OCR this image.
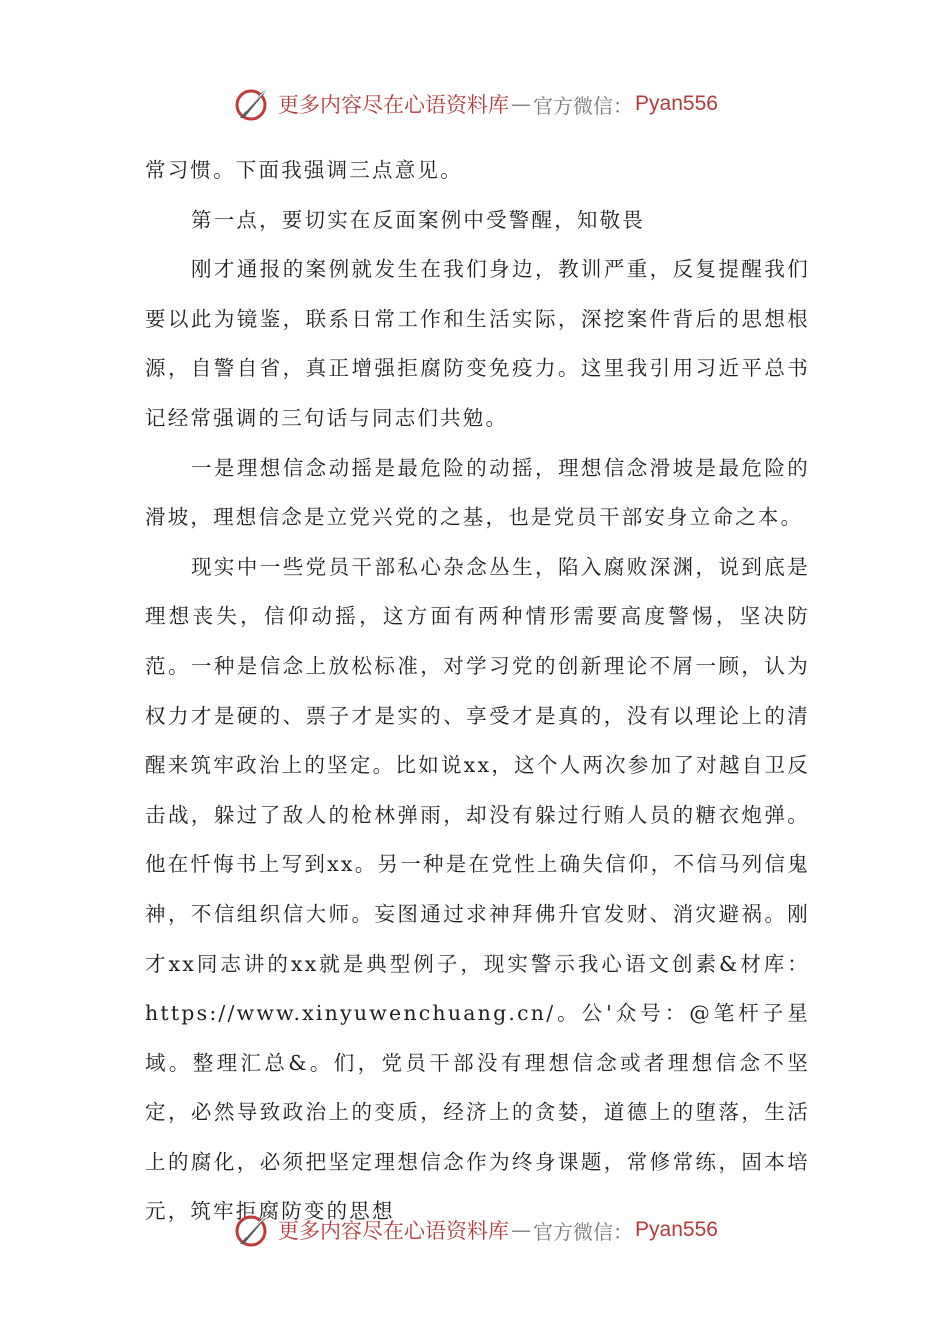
更多内容尽在心语资料库 — 官方微信： Pyan556

常习惯。下面我强调三点意见。

第一点，要切实在反面案例中受警醒，知敬畏

刚才通报的案例就发生在我们身边，教训严重，反复提醒我们要以此为镜鉴，联系日常工作和生活实际，深挖案件背后的思想根源，自警自省，真正增强拒腐防变免疫力。这里我引用习近平总书记经常强调的三句话与同志们共勉。

一是理想信念动摇是最危险的动摇，理想信念滑坡是最危险的滑坡，理想信念是立党兴党的之基，也是党员干部安身立命之本。

现实中一些党员干部私心杂念丛生，陷入腐败深渊，说到底是理想丧失，信仰动摇，这方面有两种情形需要高度警惕，坚决防范。一种是信念上放松标准，对学习党的创新理论不屑一顾，认为权力才是硬的、票子才是实的、享受才是真的，没有以理论上的清醒来筑牢政治上的坚定。比如说xx，这个人两次参加了对越自卫反击战，躲过了敌人的枪林弹雨，却没有躲过行贿人员的糖衣炮弹。他在忏悔书上写到xx。另一种是在党性上确失信仰，不信马列信鬼神，不信组织信大师。妄图通过求神拜佛升官发财、消灾避祸。刚才xx同志讲的xx就是典型例子，现实警示我心语文创素&材库：https://www.xinyuwenchuang.cn/。公'众号：@笔杆子星域。整理汇总&。们，党员干部没有理想信念或者理想信念不坚定，必然导致政治上的变质，经济上的贪婪，道德上的堕落，生活上的腐化，必须把坚定理想信念作为终身课题，常修常练，固本培元，筑牢拒腐防变的思想

更多内容尽在心语资料库 — 官方微信： Pyan556
